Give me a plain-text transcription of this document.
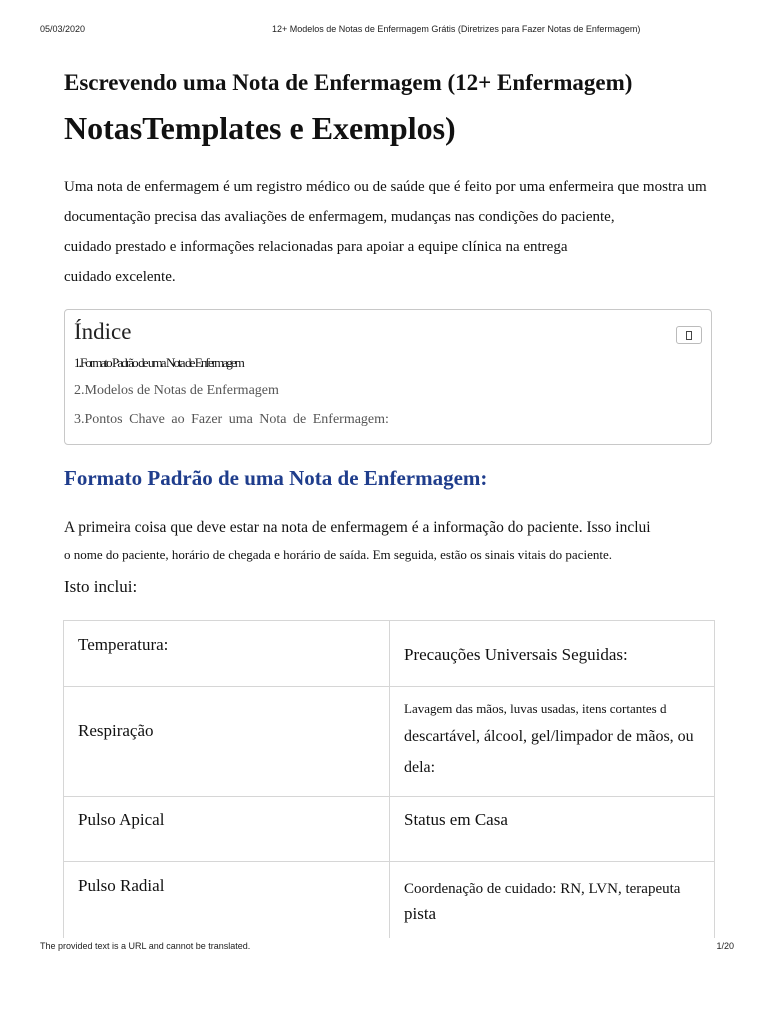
05/03/2020	12+ Modelos de Notas de Enfermagem Grátis (Diretrizes para Fazer Notas de Enfermagem)
Escrevendo uma Nota de Enfermagem (12+ Enfermagem)
NotasTemplates e Exemplos)
Uma nota de enfermagem é um registro médico ou de saúde que é feito por uma enfermeira que mostra um
documentação precisa das avaliações de enfermagem, mudanças nas condições do paciente,
cuidado prestado e informações relacionadas para apoiar a equipe clínica na entrega
cuidado excelente.
Índice
1.Formato Padrão de uma Nota de Enfermagem
2.Modelos de Notas de Enfermagem
3.Pontos Chave ao Fazer uma Nota de Enfermagem:
Formato Padrão de uma Nota de Enfermagem:
A primeira coisa que deve estar na nota de enfermagem é a informação do paciente. Isso inclui
o nome do paciente, horário de chegada e horário de saída. Em seguida, estão os sinais vitais do paciente.
Isto inclui:
Temperatura:	Precauções Universais Seguidas:

Respiração	Lavagem das mãos, luvas usadas, itens cortantes d
descartável, álcool, gel/limpador de mãos, ou dela:

Pulso Apical	Status em Casa

Pulso Radial	Coordenação de cuidado: RN, LVN, terapeuta
pista
The provided text is a URL and cannot be translated.	1/20
